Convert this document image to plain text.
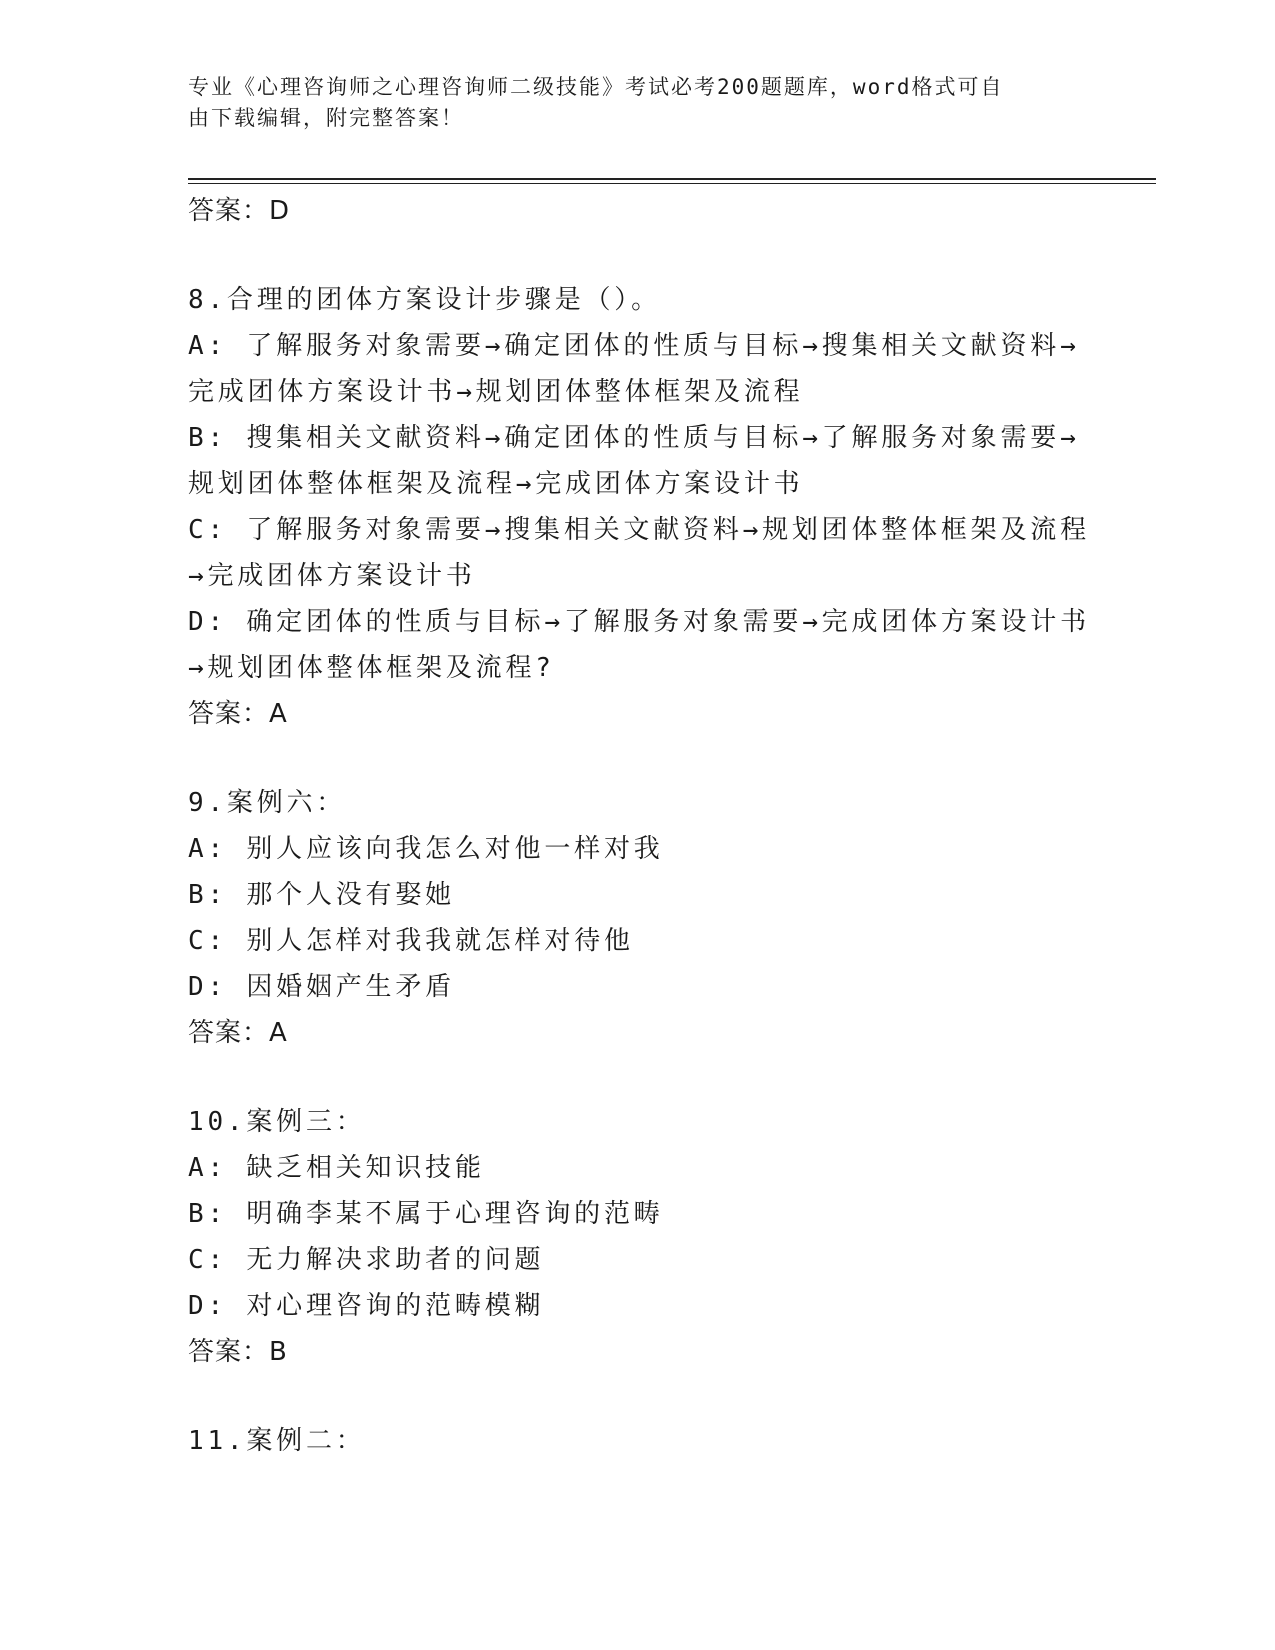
专业《心理咨询师之心理咨询师二级技能》考试必考200题题库，word格式可自
由下载编辑，附完整答案！
答案：D
8.合理的团体方案设计步骤是（）。
A: 了解服务对象需要→确定团体的性质与目标→搜集相关文献资料→
完成团体方案设计书→规划团体整体框架及流程
B: 搜集相关文献资料→确定团体的性质与目标→了解服务对象需要→
规划团体整体框架及流程→完成团体方案设计书
C: 了解服务对象需要→搜集相关文献资料→规划团体整体框架及流程
→完成团体方案设计书
D: 确定团体的性质与目标→了解服务对象需要→完成团体方案设计书
→规划团体整体框架及流程?
答案：A
9.案例六：
A: 别人应该向我怎么对他一样对我
B: 那个人没有娶她
C: 别人怎样对我我就怎样对待他
D: 因婚姻产生矛盾
答案：A
10.案例三：
A: 缺乏相关知识技能
B: 明确李某不属于心理咨询的范畴
C: 无力解决求助者的问题
D: 对心理咨询的范畴模糊
答案：B
11.案例二：
